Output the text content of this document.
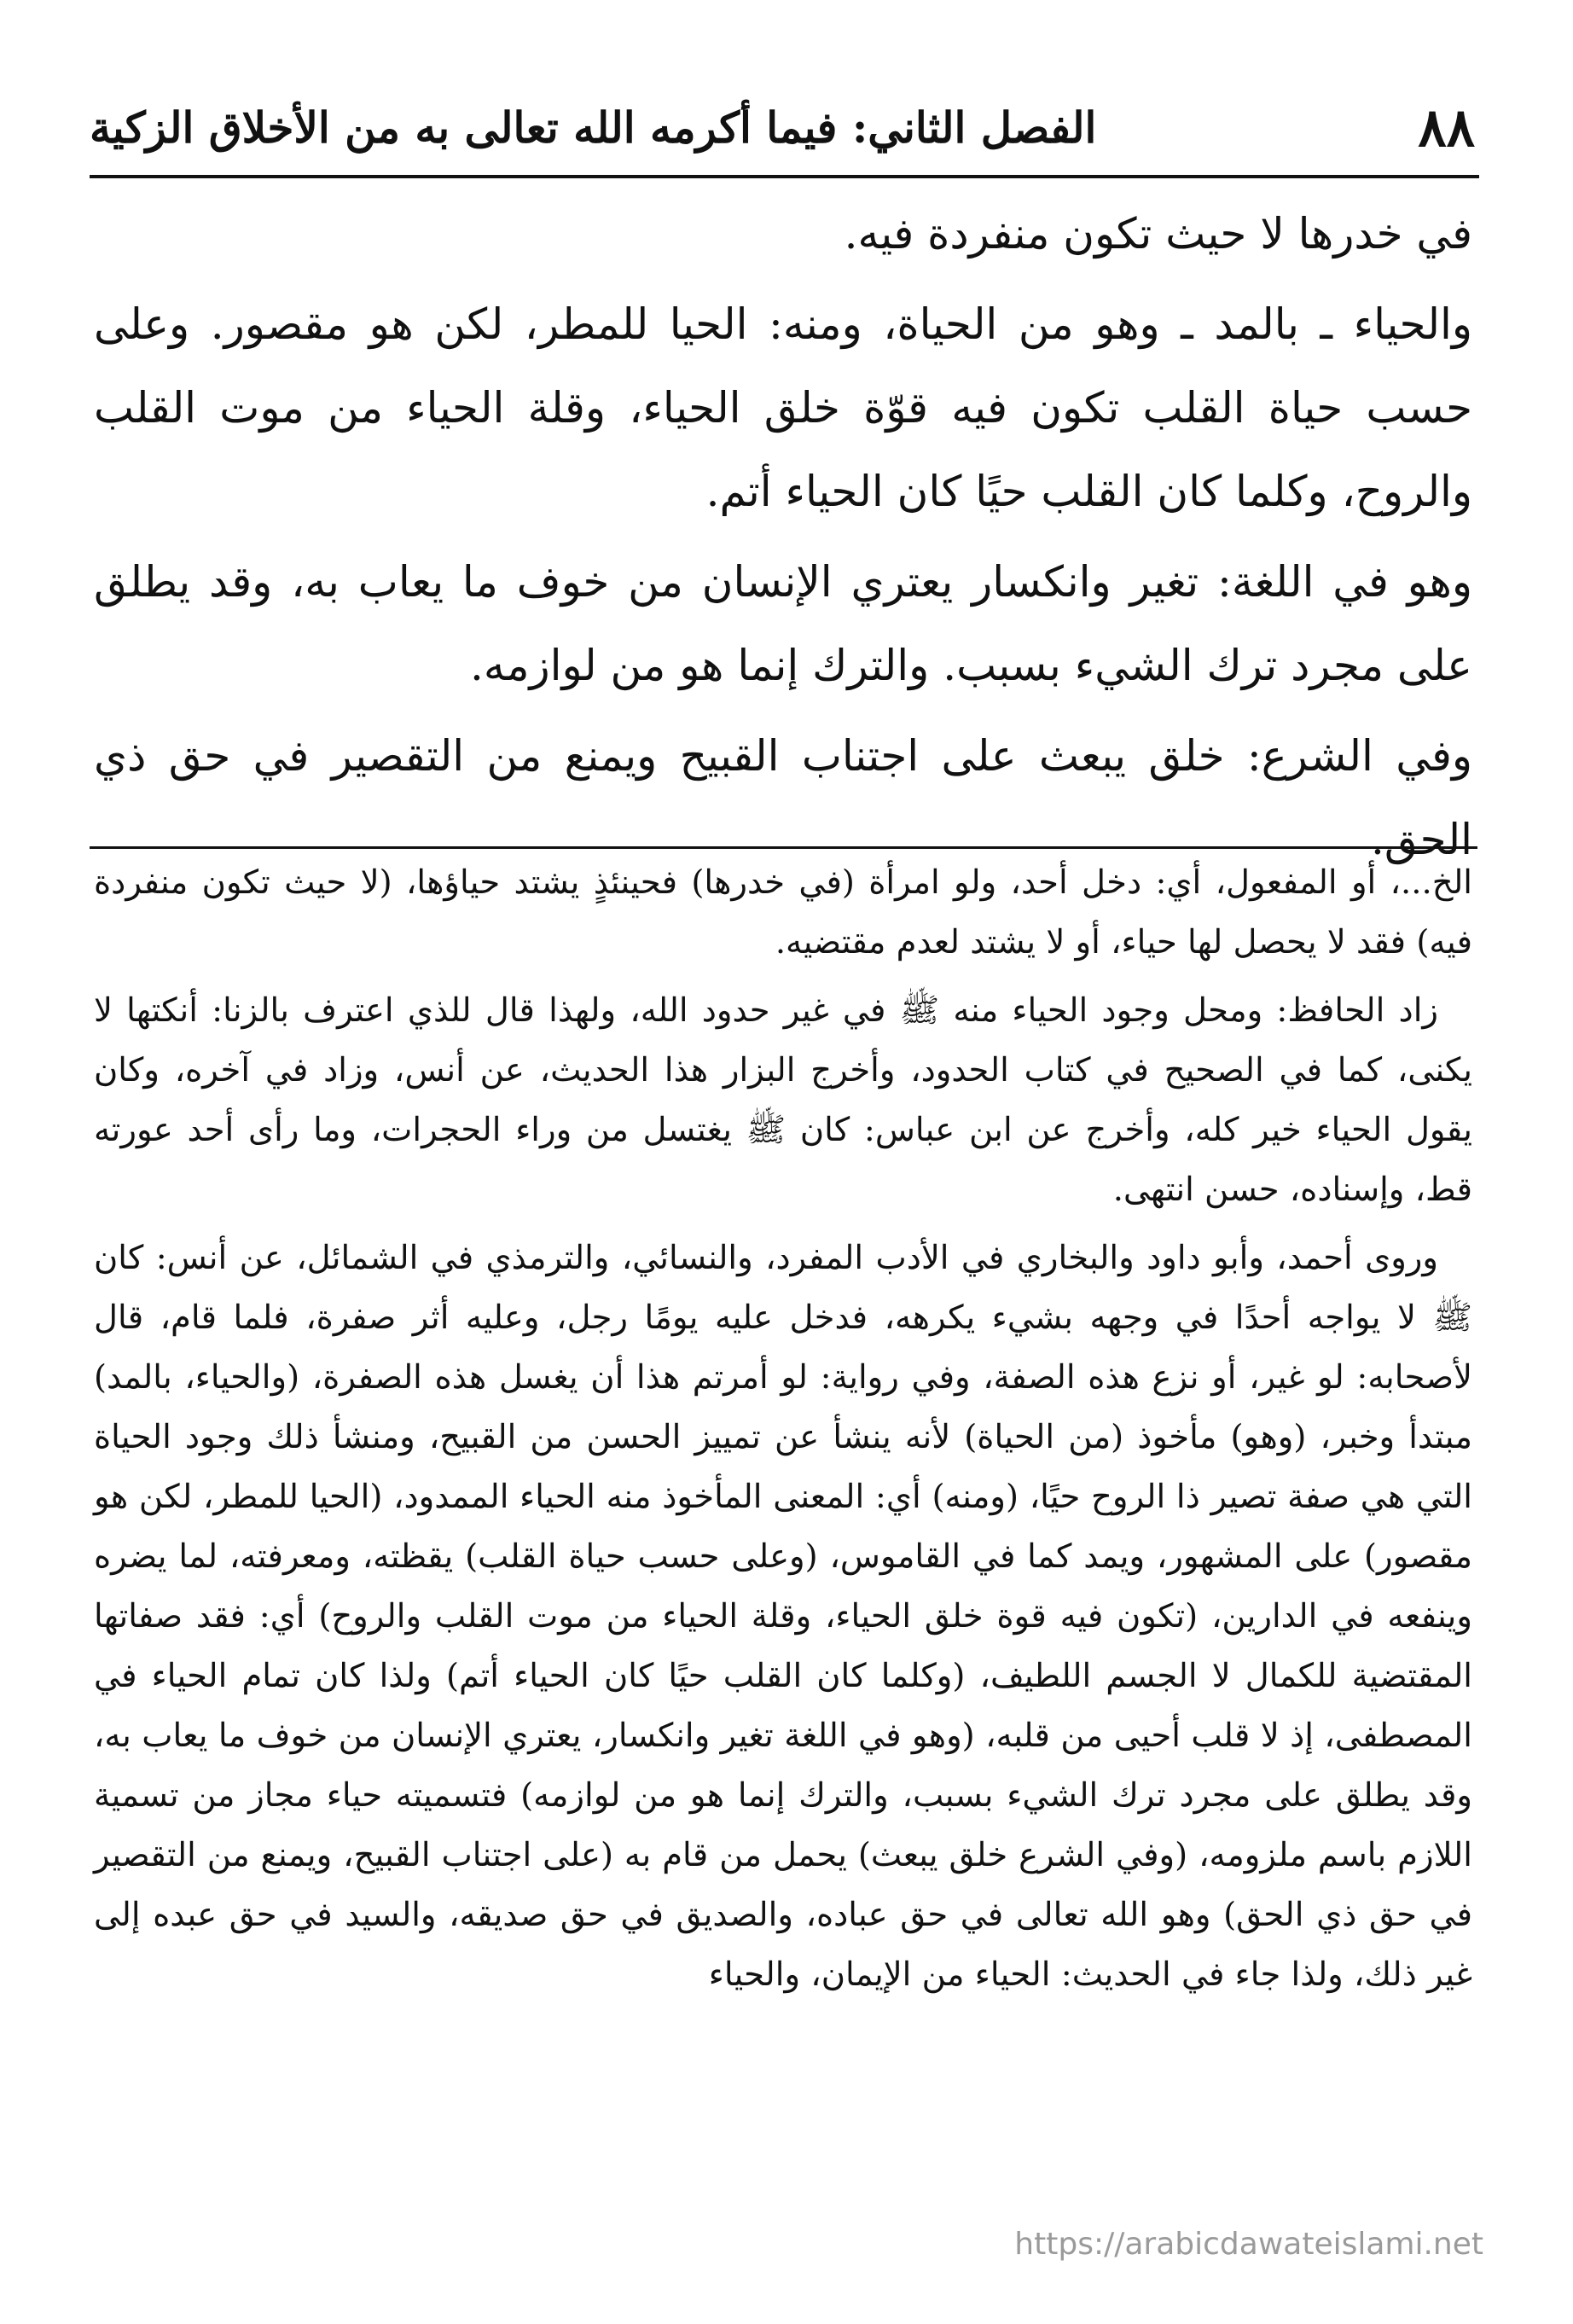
٨٨
الفصل الثاني: فيما أكرمه الله تعالى به من الأخلاق الزكية

في خدرها لا حيث تكون منفردة فيه.

والحياء ـ بالمد ـ وهو من الحياة، ومنه: الحيا للمطر، لكن هو مقصور. وعلى حسب حياة القلب تكون فيه قوّة خلق الحياء، وقلة الحياء من موت القلب والروح، وكلما كان القلب حيًا كان الحياء أتم.

وهو في اللغة: تغير وانكسار يعتري الإنسان من خوف ما يعاب به، وقد يطلق على مجرد ترك الشيء بسبب. والترك إنما هو من لوازمه.

وفي الشرع: خلق يبعث على اجتناب القبيح ويمنع من التقصير في حق ذي الحق.

الخ...، أو المفعول، أي: دخل أحد، ولو امرأة (في خدرها) فحينئذٍ يشتد حياؤها، (لا حيث تكون منفردة فيه) فقد لا يحصل لها حياء، أو لا يشتد لعدم مقتضيه.

زاد الحافظ: ومحل وجود الحياء منه ﷺ في غير حدود الله، ولهذا قال للذي اعترف بالزنا: أنكتها لا يكنى، كما في الصحيح في كتاب الحدود، وأخرج البزار هذا الحديث، عن أنس، وزاد في آخره، وكان يقول الحياء خير كله، وأخرج عن ابن عباس: كان ﷺ يغتسل من وراء الحجرات، وما رأى أحد عورته قط، وإسناده، حسن انتهى.

وروى أحمد، وأبو داود والبخاري في الأدب المفرد، والنسائي، والترمذي في الشمائل، عن أنس: كان ﷺ لا يواجه أحدًا في وجهه بشيء يكرهه، فدخل عليه يومًا رجل، وعليه أثر صفرة، فلما قام، قال لأصحابه: لو غير، أو نزع هذه الصفة، وفي رواية: لو أمرتم هذا أن يغسل هذه الصفرة، (والحياء، بالمد) مبتدأ وخبر، (وهو) مأخوذ (من الحياة) لأنه ينشأ عن تمييز الحسن من القبيح، ومنشأ ذلك وجود الحياة التي هي صفة تصير ذا الروح حيًا، (ومنه) أي: المعنى المأخوذ منه الحياء الممدود، (الحيا للمطر، لكن هو مقصور) على المشهور، ويمد كما في القاموس، (وعلى حسب حياة القلب) يقظته، ومعرفته، لما يضره وينفعه في الدارين، (تكون فيه قوة خلق الحياء، وقلة الحياء من موت القلب والروح) أي: فقد صفاتها المقتضية للكمال لا الجسم اللطيف، (وكلما كان القلب حيًا كان الحياء أتم) ولذا كان تمام الحياء في المصطفى، إذ لا قلب أحيى من قلبه، (وهو في اللغة تغير وانكسار، يعتري الإنسان من خوف ما يعاب به، وقد يطلق على مجرد ترك الشيء بسبب، والترك إنما هو من لوازمه) فتسميته حياء مجاز من تسمية اللازم باسم ملزومه، (وفي الشرع خلق يبعث) يحمل من قام به (على اجتناب القبيح، ويمنع من التقصير في حق ذي الحق) وهو الله تعالى في حق عباده، والصديق في حق صديقه، والسيد في حق عبده إلى غير ذلك، ولذا جاء في الحديث: الحياء من الإيمان، والحياء

https://arabicdawateislami.net
